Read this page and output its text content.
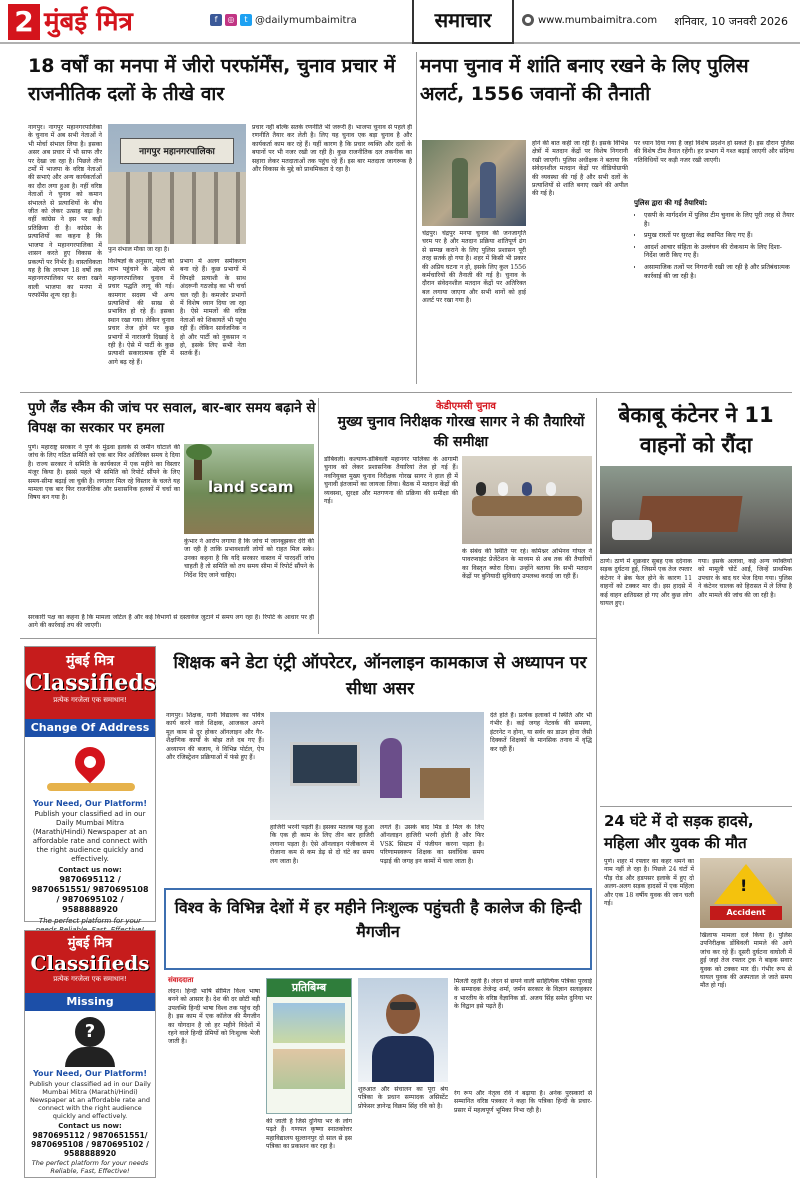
2 मुंबई मित्र	f	◎	t @dailymumbaimitra	समाचार	● www.mumbaimitra.com शनिवार, 10 जनवरी 2026
18 वर्षों का मनपा में जीरो परफॉर्मेंस, चुनाव प्रचार में राजनीतिक दलों के तीखे वार
नागपुर। नागपुर महानगरपालिका के चुनाव में अब सभी नेताओं ने भी मोर्चा संभाल लिया है। इसका असर अब प्रचार में भी साफ तौर पर देखा जा रहा है। पिछले तीन टर्मों में भाजपा के वरिष्ठ नेताओं की सभाएं और अन्य कार्यकर्ताओं का दौरा लगा हुआ है। नहीं वरिष्ठ नेताओं ने चुनाव को कमान संभालते से प्रत्याशियों के बीच जीत को लेकर उत्साह बढ़ा है। वहीं कांग्रेस ने इस पर कड़ी प्रतिक्रिया दी है। कांग्रेस के प्रत्याशियों का कहना है कि भाजपा ने महानगरपालिका में शासन करते हुए विकास के प्रकल्पों पर निर्भर है। वास्तविकता यह है कि लगभग 18 वर्षों तक महानगरपालिका पर सत्ता रखने वाली भाजपा का मनपा में परफॉर्मेंस शून्य रहा है।
नागपुर महानगरपालिका
फुन संभाल मौका जा रहा है।
विशेषज्ञों के अनुसार, पार्टी को लाभ पहुंचाने के उद्देश्य से महानगरपालिका चुनाव में प्रचार पद्धति लागू की गई। कामगार सदस्य भी अन्य प्रत्याशियों की साख से प्रभावित हो रहे हैं। इसका स्थान रखा गया। लेकिन चुनाव प्रचार तेज होने पर कुछ प्रभागों में नाराजगी दिखाई दे रही है। ऐसे में पार्टी के कुछ प्रत्याशी सकारात्मक दृष्टि में आगे बढ़ रहे हैं।
प्रभाग में अलग समीकरण बना रहे हैं। कुछ प्रभागों में विपक्षी प्रत्याशी के साथ अंदरूनी गठजोड़ का भी चर्चा चल रही है। कमजोर प्रभागों में विशेष ध्यान दिया जा रहा है। ऐसे मामलों की वरिष्ठ नेताओं को शिकायतें भी पहुंच रही हैं। लेकिन सार्वजनिक न हो और पार्टी को नुकसान न हो, इसके लिए सभी नेता सतर्क हैं।
प्रचार नहीं बल्कि सतर्क रणनीति भी जरूरी है। भाजपा चुनाव से पहले ही रणनीति तैयार कर लेती है। लिए यह चुनाव एक बड़ा चुनाव है और कार्यकर्ता काम कर रहे हैं। यहीं कारण है कि प्रचार व्यक्ति और दलों के बयानों पर भी नजर रखी जा रही है। कुछ राजनीतिक दल तकनीक का सहारा लेकर मतदाताओं तक पहुंच रहे हैं। इस बार मतदाता जागरूक है और विकास के मुद्दे को प्राथमिकता दे रहा है।
मनपा चुनाव में शांति बनाए रखने के लिए पुलिस अलर्ट, 1556 जवानों की तैनाती
चंद्रपुर। चंद्रपुर मनपा चुनाव की जनजागृति चरम पर है और मतदान प्रक्रिया शांतिपूर्ण ढंग से सम्पन्न कराने के लिए पुलिस प्रशासन पूरी तरह सतर्क हो गया है। शहर में किसी भी प्रकार की अप्रिय घटना न हो, इसके लिए कुल 1556 कर्मचारियों की तैनाती की गई है। चुनाव के दौरान संवेदनशील मतदान केंद्रों पर अतिरिक्त बल लगाया जाएगा और सभी थानों को हाई अलर्ट पर रखा गया है।
होने की बात कही जा रही है। इसके विभिन्न क्षेत्रों में मतदान केंद्रों पर विशेष निगरानी रखी जाएगी। पुलिस अधीक्षक ने बताया कि संवेदनशील मतदान केंद्रों पर वीडियोग्राफी की व्यवस्था की गई है और सभी दलों के प्रत्याशियों से शांति बनाए रखने की अपील की गई है।
पर ध्यान दिया गया है जहां विशेष प्रदर्शन हो सकते हैं। इस दौरान पुलिस की विशेष टीम तैनात रहेंगी। हर प्रभाग में गश्त बढ़ाई जाएगी और संदिग्ध गतिविधियों पर कड़ी नजर रखी जाएगी।
पुलिस द्वारा की गई तैयारियां:
• एसपी के मार्गदर्शन में पुलिस टीम चुनाव के लिए पूरी तरह से तैयार है।
• प्रमुख रास्तों पर सुरक्षा केंद्र स्थापित किए गए हैं।
• आदर्श आचार संहिता के उल्लंघन की रोकथाम के लिए दिशा-निर्देश जारी किए गए हैं।
• असामाजिक तत्वों पर निगरानी रखी जा रही है और प्रतिबंधात्मक कार्रवाई की जा रही है।
पुणे लैंड स्कैम की जांच पर सवाल, बार-बार समय बढ़ाने से विपक्ष का सरकार पर हमला
पुणे। महाराष्ट्र सरकार ने पुणे के मुंढवा इलाके से जमीन घोटाले की जांच के लिए गठित समिति को एक बार फिर अतिरिक्त समय दे दिया है। राज्य सरकार ने समिति के कार्यकाल में एक महीने का विस्तार मंजूर किया है। इससे पहले भी समिति को रिपोर्ट सौंपने के लिए समय-सीमा बढ़ाई जा चुकी है। लगातार मिल रहे विस्तार के चलते यह मामला एक बार फिर राजनीतिक और प्रशासनिक हलकों में चर्चा का विषय बन गया है।
land scam
कुंभार ने आरोप लगाया है कि जांच में जानबूझकर देरी की जा रही है ताकि प्रभावशाली लोगों को राहत मिल सके। उनका कहना है कि यदि सरकार वास्तव में पारदर्शी जांच चाहती है तो समिति को तय समय सीमा में रिपोर्ट सौंपने के निर्देश दिए जाने चाहिए।
सरकारी पक्ष का कहना है कि मामला जटिल है और कई विभागों से दस्तावेज जुटाने में समय लग रहा है। रिपोर्ट के आधार पर ही आगे की कार्रवाई तय की जाएगी।
केडीएमसी चुनाव
मुख्य चुनाव निरीक्षक गोरख सागर ने की तैयारियों की समीक्षा
डोंबिवली। कल्याण-डोंबिवली महानगर पालिका के आगामी चुनाव को लेकर प्रशासनिक तैयारियां तेज हो गई हैं। नवनियुक्त मुख्य चुनाव निरीक्षक गोरख सागर ने हाल ही में चुनावी इंतजामों का जायजा लिया। बैठक में मतदान केंद्रों की व्यवस्था, सुरक्षा और मतगणना की प्रक्रिया की समीक्षा की गई।
के संबंध की स्थिति पर रहे। कमिश्नर अभिनव गोयल ने पावरप्वाइंट प्रेजेंटेशन के माध्यम से अब तक की तैयारियों का विस्तृत ब्योरा दिया। उन्होंने बताया कि सभी मतदान केंद्रों पर बुनियादी सुविधाएं उपलब्ध कराई जा रही हैं।
बेकाबू कंटेनर ने 11 वाहनों को रौंदा
ठाणे। ठाणे में शुक्रवार सुबह एक दर्दनाक सड़क दुर्घटना हुई, जिसमें एक तेज रफ्तार कंटेनर ने ब्रेक फेल होने के कारण 11 वाहनों को टक्कर मार दी। इस हादसे में कई वाहन क्षतिग्रस्त हो गए और कुछ लोग घायल हुए।
गया। इसके अलावा, कई अन्य व्यक्तियों को मामूली चोटें आईं, जिन्हें प्राथमिक उपचार के बाद घर भेज दिया गया। पुलिस ने कंटेनर चालक को हिरासत में ले लिया है और मामले की जांच की जा रही है।
24 घंटे में दो सड़क हादसे, महिला और युवक की मौत
पुणे। शहर में रफ्तार का कहर थमने का नाम नहीं ले रहा है। पिछले 24 घंटों में पौड़ रोड और हडपसर इलाके में हुए दो अलग-अलग सड़क हादसों में एक महिला और एक 18 वर्षीय युवक की जान चली गई।
!
Accident
खिलाफ मामला दर्ज किया है। पुलिस उपनिरीक्षक डोंबिवली मामले की आगे जांच कर रहे हैं। दूसरी दुर्घटना वाघोली में हुई जहां तेज रफ्तार ट्रक ने बाइक सवार युवक को टक्कर मार दी। गंभीर रूप से घायल युवक की अस्पताल ले जाते समय मौत हो गई।
मुंबई मित्र
Classifieds
प्रत्येक गरजेला एक समाधान!
Change Of Address
Your Need, Our Platform!
Publish your classified ad in our Daily Mumbai Mitra (Marathi/Hindi) Newspaper at an affordable rate and connect with the right audience quickly and effectively.
Contact us now:
9870695112 / 9870651551/ 9870695108 / 9870695102 / 9588888920
The perfect platform for your
शिक्षक बने डेटा एंट्री ऑपरेटर, ऑनलाइन कामकाज से अध्यापन पर सीधा असर
नागपुर। शिक्षक, यानी विद्यालय का पवित्र कार्य करने वाले शिक्षक, आजकल अपने मूल काम से दूर होकर ऑनलाइन और गैर-शैक्षणिक कार्यों के बोझ तले दब गए हैं। अध्यापन की बजाय, वे विभिन्न पोर्टल, ऐप और रजिस्ट्रेशन प्रक्रियाओं में फंसे हुए हैं।
हाजिरी भरनी पड़ती है। इसका मतलब यह हुआ कि एक ही काम के लिए तीन बार हाजिरी लगाना पड़ता है। ऐसे ऑनलाइन पंजीकरण में रोजाना कम से कम डेढ़ से दो घंटे का समय लग जाता है।
लगते हैं। उसके बाद मिड डे मिल के लिए ऑनलाइन हाजिरी भरनी होती है और फिर VSK सिस्टम में पंजीयन करना पड़ता है। परिणामस्वरूप शिक्षक का सर्वाधिक समय पढ़ाई की जगह इन कामों में चला जाता है।
देते होते हैं। प्रत्येक इलाकों में स्थिति और भी गंभीर है। कई जगह नेटवर्क की समस्या, इंटरनेट न होना, या सर्वर का डाउन होना जैसी दिक्कतें शिक्षकों के मानसिक तनाव में वृद्धि कर रही हैं।
मुंबई मित्र
Classifieds
प्रत्येक गरजेला एक समाधान!
Missing
?
Your Need, Our Platform!
Publish your classified ad in our Daily Mumbai Mitra (Marathi/Hindi) Newspaper at an affordable rate and connect with the right audience quickly and effectively.
Contact us now:
9870695112 / 9870651551/ 9870695108 / 9870695102 / 9588888920
The perfect platform for your needs Reliable, Fast, Effective!
विश्व के विभिन्न देशों में हर महीने निःशुल्क पहुंचती है कालेज की हिन्दी मैगजीन
संवाददाता
लंदन। हिन्दी भाषि सीमित विश्व भाषा बनने को आसार है। देश की दर छोटी बड़ी उपलब्धि हिन्दी भाषा विश्व तक पहुंच रही है। इस काम में एक कॉलेज की मैगजीन का योगदान है जो हर महीने विदेशों में रहने वाले हिन्दी प्रेमियों को निःशुल्क भेजी जाती है।
प्रतिबिम्ब
की जाती है जिसे दुनिया भर के लोग पढ़ते हैं। गणपत कृष्णा स्नातकोत्तर महाविद्यालय सुल्तानपुर दो साल से इस पत्रिका का प्रकाशन कर रहा है।
शुरुआत और संचालन का पूरा श्रेय पत्रिका के प्रधान सम्पादक असिस्टेंट प्रोफेसर ज्ञानेन्द्र विक्रम सिंह रवि को है।
मिलती रहती हैं। लंदन से छपने वाली साहित्यिक पत्रिका पुरवाई के सम्पादक तेजेन्द्र शर्मा, जर्मन सरकार के विज्ञान सलाहकार व भारतीय के वरिष्ठ वैज्ञानिक डॉ. अजय सिंह समेत दुनिया भर के विद्वान इसे पढ़ते हैं।
रंग रूप और नेतृत्व रवि ने बढ़ाया है। अनेक पुरस्कारों से सम्मानित वरिष्ठ पत्रकार ने कहा कि पत्रिका हिन्दी के प्रचार-प्रसार में महत्वपूर्ण भूमिका निभा रही है।
